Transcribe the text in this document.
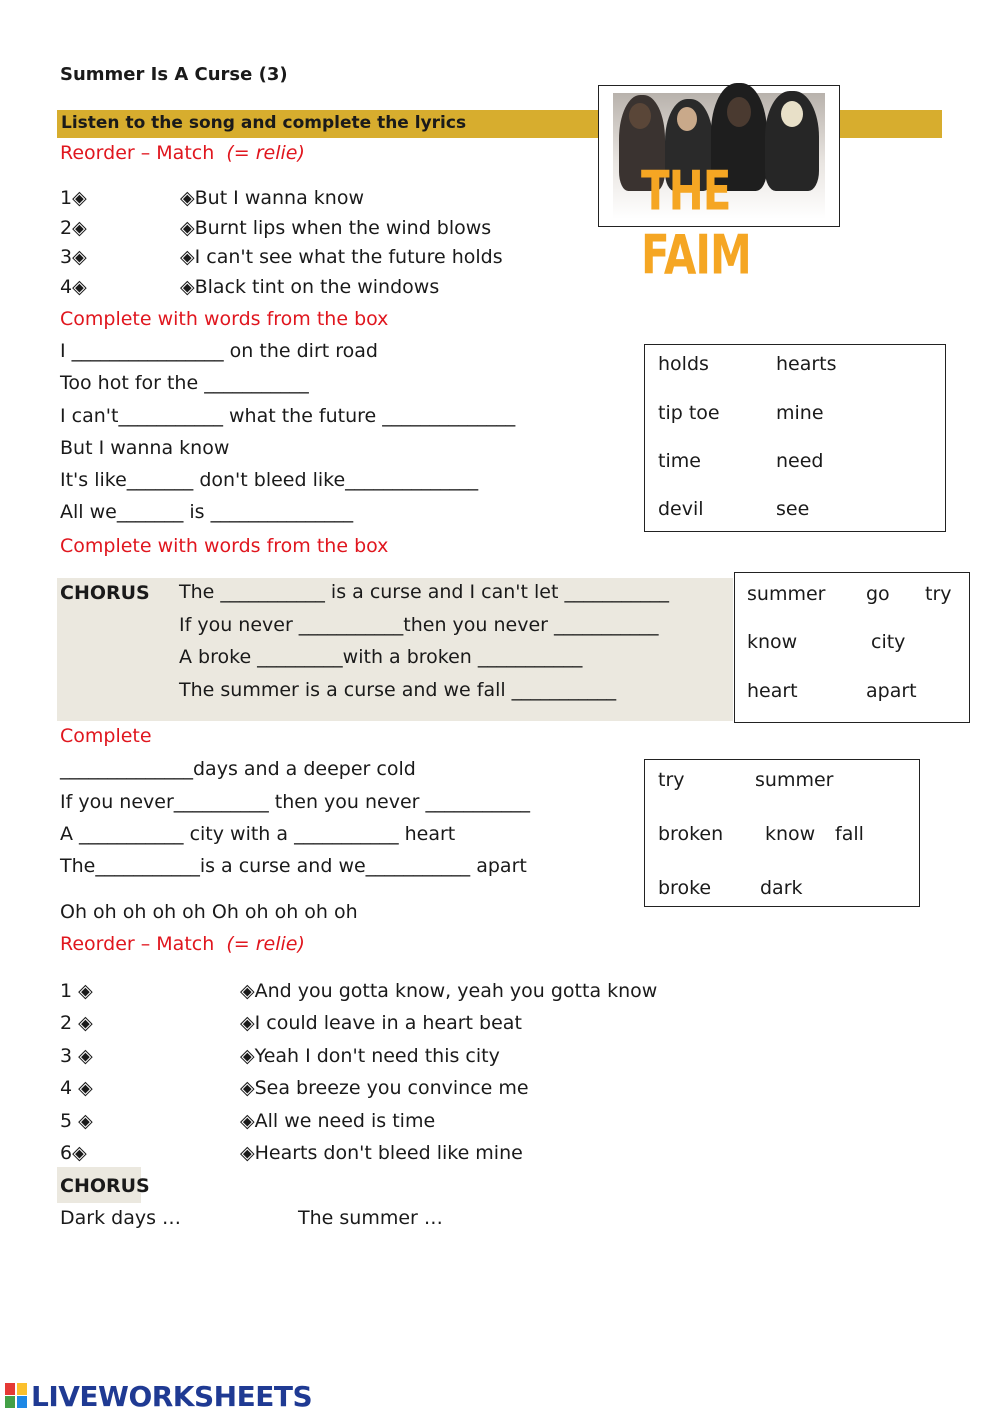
Summer Is A Curse (3)
Listen to the song and complete the lyrics
THE FAIM
Reorder – Match (= relie)
1◈	◈But I wanna know
2◈	◈Burnt lips when the wind blows
3◈	◈I can't see what the future holds
4◈	◈Black tint on the windows
Complete with words from the box
I ________________ on the dirt road
Too hot for the ___________
I can't___________ what the future ______________
But I wanna know
It's like_______ don't bleed like______________
All we_______ is _______________
holds	hearts
tip toe	mine
time	need
devil	see
Complete with words from the box
CHORUS The ___________ is a curse and I can't let ___________
If you never ___________then you never ___________
A broke _________with a broken ___________
The summer is a curse and we fall ___________
summer go try
know	city
heart	apart
Complete
______________days and a deeper cold
If you never__________ then you never ___________
A ___________ city with a ___________ heart
The___________is a curse and we___________ apart
Oh oh oh oh oh Oh oh oh oh oh
try	summer
broken know fall
broke	dark
Reorder – Match (= relie)
1 ◈	◈And you gotta know, yeah you gotta know
2 ◈	◈I could leave in a heart beat
3 ◈	◈Yeah I don't need this city
4 ◈	◈Sea breeze you convince me
5 ◈	◈All we need is time
6◈	◈Hearts don't bleed like mine
CHORUS
Dark days …	The summer …
LIVEWORKSHEETS
